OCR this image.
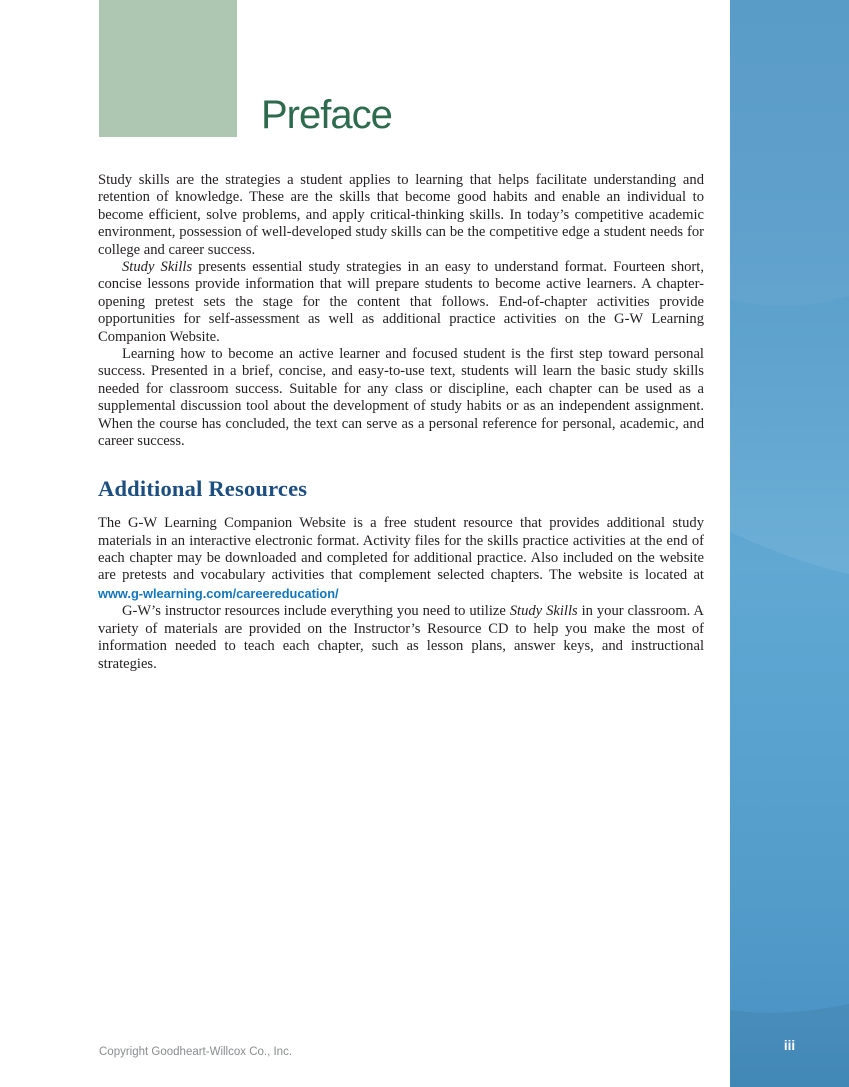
iii
Preface

Study skills are the strategies a student applies to learning that helps facilitate understanding and retention of knowledge. These are the skills that become good habits and enable an individual to become efficient, solve problems, and apply critical-thinking skills. In today’s competitive academic environment, possession of well-developed study skills can be the competitive edge a student needs for college and career success.

Study Skills presents essential study strategies in an easy to understand format. Fourteen short, concise lessons provide information that will prepare students to become active learners. A chapter-opening pretest sets the stage for the content that follows. End-of-chapter activities provide opportunities for self-assessment as well as additional practice activities on the G-W Learning Companion Website.

Learning how to become an active learner and focused student is the first step toward personal success. Presented in a brief, concise, and easy-to-use text, students will learn the basic study skills needed for classroom success. Suitable for any class or discipline, each chapter can be used as a supplemental discussion tool about the development of study habits or as an independent assignment. When the course has concluded, the text can serve as a personal reference for personal, academic, and career success.

Additional Resources

The G-W Learning Companion Website is a free student resource that provides additional study materials in an interactive electronic format. Activity files for the skills practice activities at the end of each chapter may be downloaded and completed for additional practice. Also included on the website are pretests and vocabulary activities that complement selected chapters. The website is located at www.g-wlearning.com/careereducation/

G-W’s instructor resources include everything you need to utilize Study Skills in your classroom. A variety of materials are provided on the Instructor’s Resource CD to help you make the most of information needed to teach each chapter, such as lesson plans, answer keys, and instructional strategies.

Copyright Goodheart-Willcox Co., Inc.
